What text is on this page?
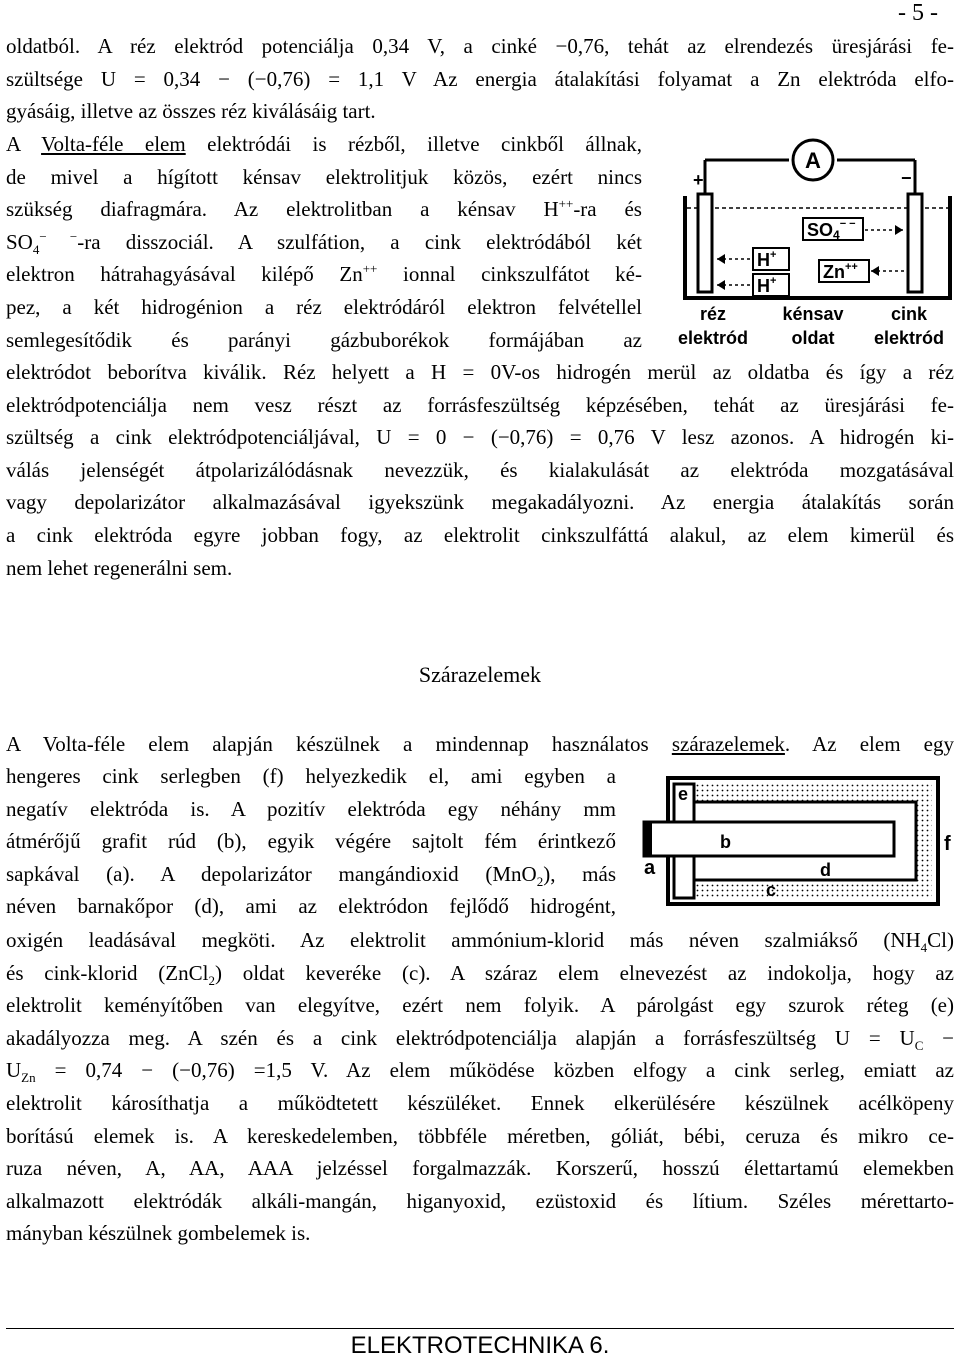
- 5 -
oldatból. A réz elektród potenciálja 0,34 V, a cinké −0,76, tehát az elrendezés üresjárási fe-
szültsége U = 0,34 − (−0,76) = 1,1 V Az energia átalakítási folyamat a Zn elektróda elfo-
gyásáig, illetve az összes réz kiválásáig tart.
A Volta-féle elem elektródái is rézből, illetve cinkből állnak,
de mivel a hígított kénsav elektrolitjuk közös, ezért nincs
szükség diafragmára. Az elektrolitban a kénsav H++-ra és
$SO_4^{- -}-ra$ disszociál. A szulfátion, a cink elektródából két
elektron hátrahagyásával kilépő Zn++ ionnal cinkszulfátot ké-
pez, a két hidrogénion a réz elektródáról elektron felvétellel
semlegesítődik és parányi gázbuborékok formájában az
elektródot beborítva kiválik. Réz helyett a H = 0V-os hidrogén merül az oldatba és így a réz
elektródpotenciálja nem vesz részt az forrásfeszültség képzésében, tehát az üresjárási fe-
szültség a cink elektródpotenciáljával, U = 0 − (−0,76) = 0,76 V lesz azonos. A hidrogén ki-
válás jelenségét átpolarizálódásnak nevezzük, és kialakulását az elektróda mozgatásával
vagy depolarizátor alkalmazásával igyekszünk megakadályozni. Az energia átalakítás során
a cink elektróda egyre jobban fogy, az elektrolit cinkszulfáttá alakul, az elem kimerül és
nem lehet regenerálni sem.
A
+	−
SO4− −
H+
H+	Zn++
réz
elektród
kénsav
oldat
cink
elektród
Szárazelemek
A Volta-féle elem alapján készülnek a mindennap használatos szárazelemek. Az elem egy
hengeres cink serlegben (f) helyezkedik el, ami egyben a
negatív elektróda is. A pozitív elektróda egy néhány mm
átmérőjű grafit rúd (b), egyik végére sajtolt fém érintkező
sapkával (a). A depolarizátor mangándioxid (MnO$_2$), más
néven barnakőpor (d), ami az elektródon fejlődő hidrogént,
oxigén leadásával megköti. Az elektrolit ammónium-klorid más néven szalmiákső $(NH_4Cl)$
és cink-klorid (ZnCl$_2$) oldat keveréke (c). A száraz elem elnevezést az indokolja, hogy az
elektrolit keményítőben van elegyítve, ezért nem folyik. A párolgást egy szurok réteg (e)
akadályozza meg. A szén és a cink elektródpotenciálja alapján a forrásfeszültség $U = U_C$ −
$U_{Zn} = 0,74 - (-0,76) =1,5$ V. Az elem működése közben elfogy a cink serleg, emiatt az
elektrolit károsíthatja a működtetett készüléket. Ennek elkerülésére készülnek acélköpeny
borítású elemek is. A kereskedelemben, többféle méretben, góliát, bébi, ceruza és mikro ce-
ruza néven, A, AA, AAA jelzéssel forgalmazzák. Korszerű, hosszú élettartamú elemekben
alkalmazott elektródák alkáli-mangán, higanyoxid, ezüstoxid és lítium. Széles mérettarto-
mányban készülnek gombelemek is.
e
b	f
a	d
c
ELEKTROTECHNIKA 6.
